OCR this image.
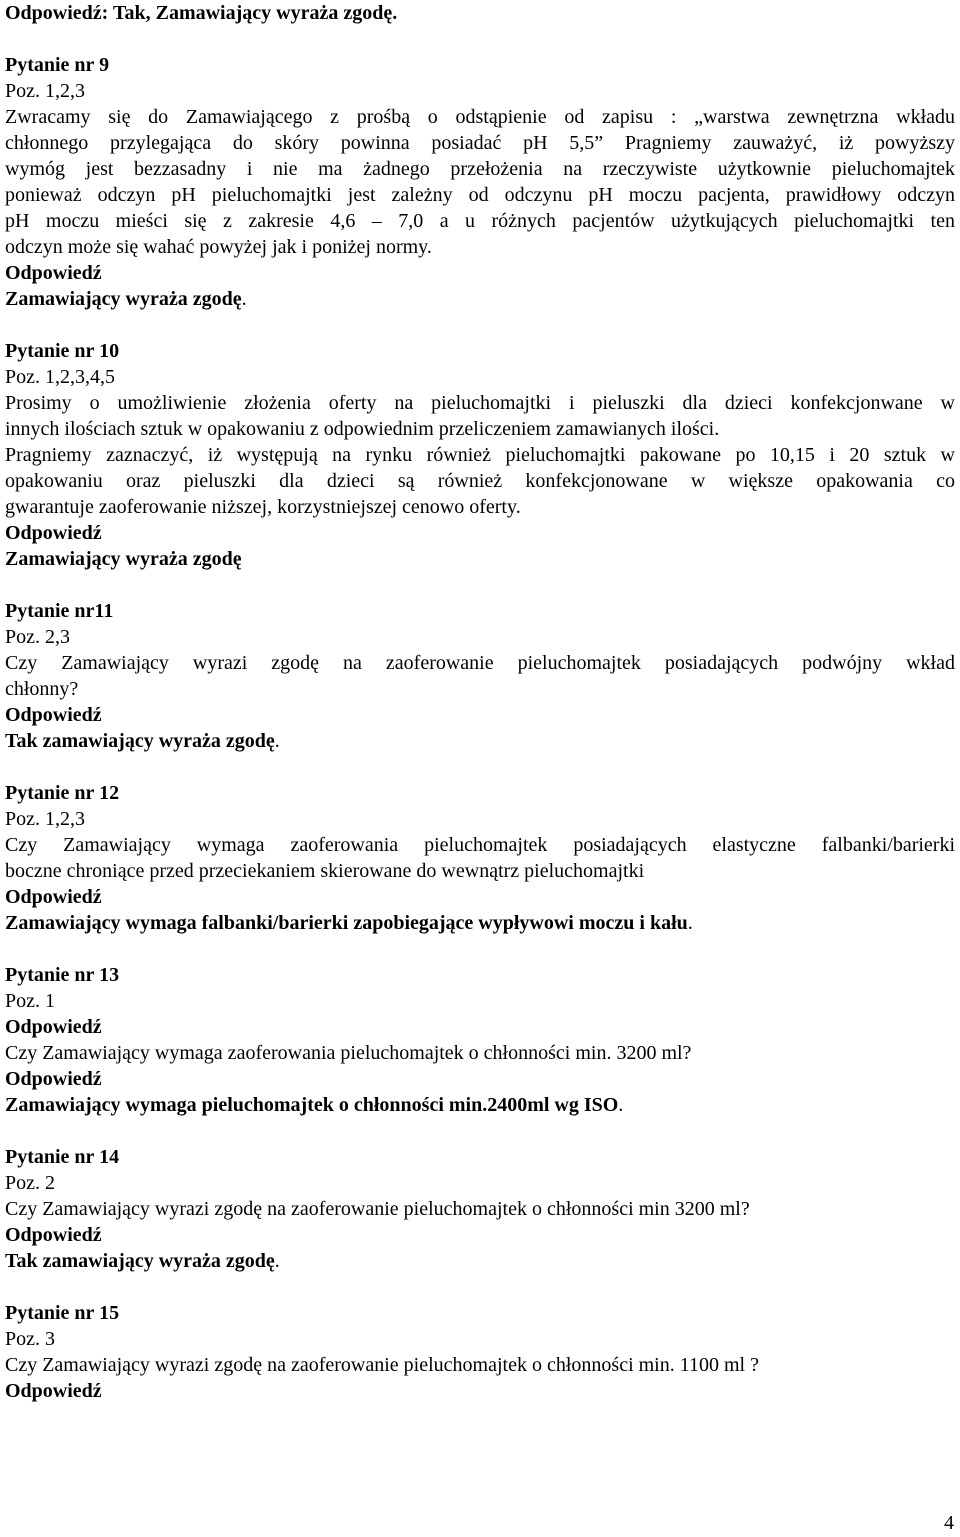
Odpowiedź: Tak, Zamawiający wyraża zgodę.

Pytanie nr 9

Poz. 1,2,3

Zwracamy się do Zamawiającego z prośbą o odstąpienie od zapisu : „warstwa zewnętrzna wkładu

chłonnego przylegająca do skóry powinna posiadać pH 5,5” Pragniemy zauważyć, iż powyższy

wymóg jest bezzasadny i nie ma żadnego przełożenia na rzeczywiste użytkownie pieluchomajtek

ponieważ odczyn pH pieluchomajtki jest zależny od odczynu pH moczu pacjenta, prawidłowy odczyn

pH moczu mieści się z zakresie 4,6 – 7,0 a u różnych pacjentów użytkujących pieluchomajtki ten

odczyn może się wahać powyżej jak i poniżej normy.

Odpowiedź

Zamawiający wyraża zgodę.

Pytanie nr 10

Poz. 1,2,3,4,5

Prosimy o umożliwienie złożenia oferty na pieluchomajtki i pieluszki dla dzieci konfekcjonwane w

innych ilościach sztuk w opakowaniu z odpowiednim przeliczeniem zamawianych ilości.

Pragniemy zaznaczyć, iż występują na rynku również pieluchomajtki pakowane po 10,15 i 20 sztuk w

opakowaniu oraz pieluszki dla dzieci są również konfekcjonowane w większe opakowania co

gwarantuje zaoferowanie niższej, korzystniejszej cenowo oferty.

Odpowiedź

Zamawiający wyraża zgodę

Pytanie nr11

Poz. 2,3

Czy Zamawiający wyrazi zgodę na zaoferowanie pieluchomajtek posiadających podwójny wkład

chłonny?

Odpowiedź

Tak zamawiający wyraża zgodę.

Pytanie nr 12

Poz. 1,2,3

Czy Zamawiający wymaga zaoferowania pieluchomajtek posiadających elastyczne falbanki/barierki

boczne chroniące przed przeciekaniem skierowane do wewnątrz pieluchomajtki

Odpowiedź

Zamawiający wymaga falbanki/barierki zapobiegające wypływowi moczu i kału.

Pytanie nr 13

Poz. 1

Odpowiedź

Czy Zamawiający wymaga zaoferowania pieluchomajtek o chłonności min. 3200 ml?

Odpowiedź

Zamawiający wymaga pieluchomajtek o chłonności min.2400ml wg ISO.

Pytanie nr 14

Poz. 2

Czy Zamawiający wyrazi zgodę na zaoferowanie pieluchomajtek o chłonności min 3200 ml?

Odpowiedź

Tak zamawiający wyraża zgodę.

Pytanie nr 15

Poz. 3

Czy Zamawiający wyrazi zgodę na zaoferowanie pieluchomajtek o chłonności min. 1100 ml ?

Odpowiedź

4
